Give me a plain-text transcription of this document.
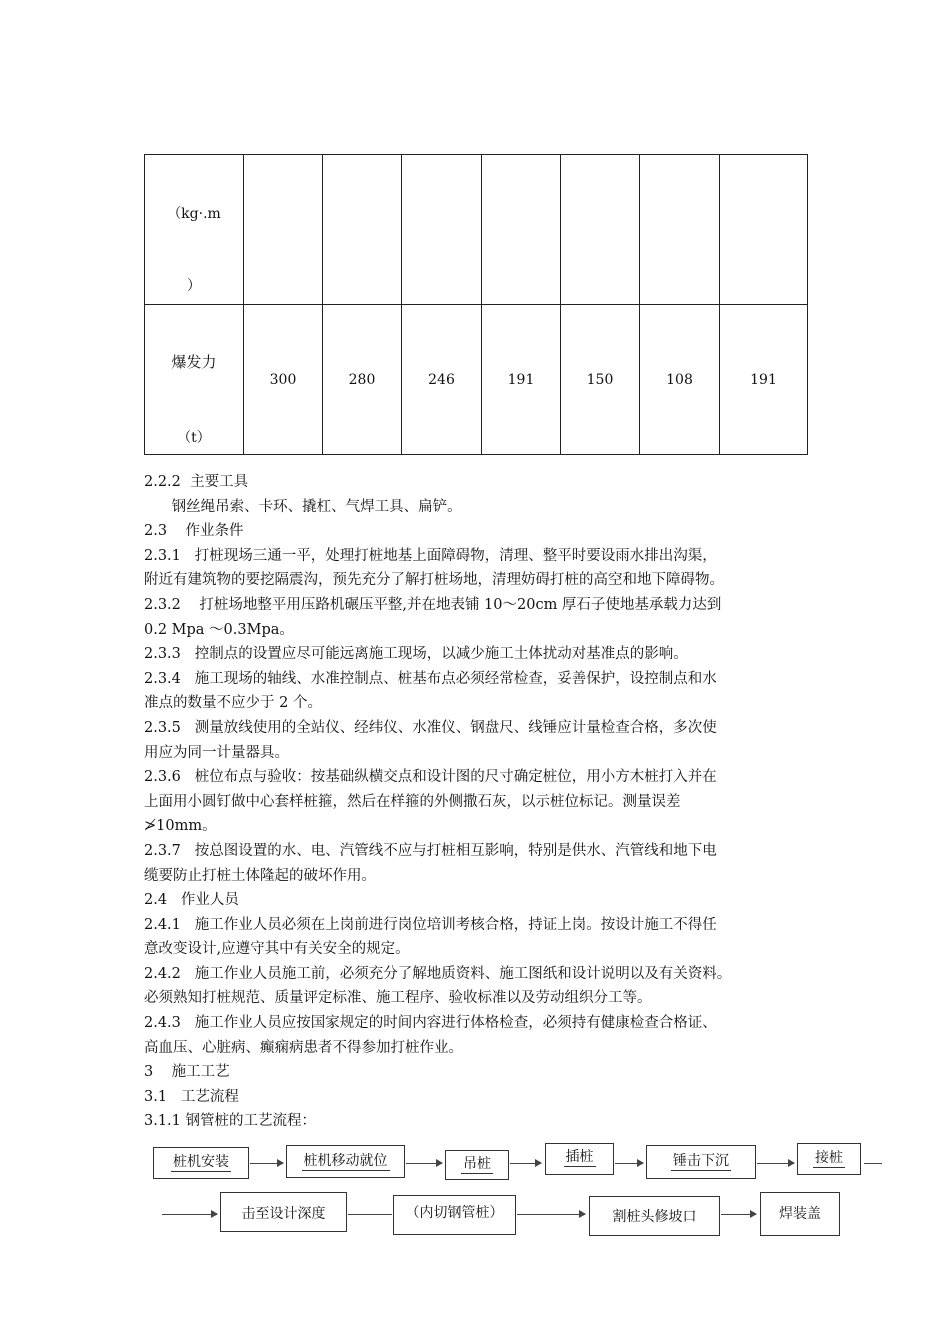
（kg·.m
）							

爆发力
（t）	300	280	246	191	150	108	191

2.2.2  主要工具

钢丝绳吊索、卡环、撬杠、气焊工具、扁铲。

2.3    作业条件

2.3.1   打桩现场三通一平，处理打桩地基上面障碍物，清理、整平时要设雨水排出沟渠，

附近有建筑物的要挖隔震沟，预先充分了解打桩场地，清理妨碍打桩的高空和地下障碍物。

2.3.2    打桩场地整平用压路机碾压平整,并在地表铺 10～20cm 厚石子使地基承载力达到

0.2 Mpa ～0.3Mpa。

2.3.3   控制点的设置应尽可能远离施工现场，以减少施工土体扰动对基准点的影响。

2.3.4   施工现场的轴线、水准控制点、桩基布点必须经常检查，妥善保护，设控制点和水

准点的数量不应少于 2 个。

2.3.5   测量放线使用的全站仪、经纬仪、水准仪、钢盘尺、线锤应计量检查合格，多次使

用应为同一计量器具。

2.3.6   桩位布点与验收：按基础纵横交点和设计图的尺寸确定桩位，用小方木桩打入并在

上面用小圆钉做中心套样桩箍，然后在样箍的外侧撒石灰，以示桩位标记。测量误差

≯10mm。

2.3.7   按总图设置的水、电、汽管线不应与打桩相互影响，特别是供水、汽管线和地下电

缆要防止打桩土体隆起的破坏作用。

2.4   作业人员

2.4.1   施工作业人员必须在上岗前进行岗位培训考核合格，持证上岗。按设计施工不得任

意改变设计,应遵守其中有关安全的规定。

2.4.2   施工作业人员施工前，必须充分了解地质资料、施工图纸和设计说明以及有关资料。

必须熟知打桩规范、质量评定标准、施工程序、验收标准以及劳动组织分工等。

2.4.3   施工作业人员应按国家规定的时间内容进行体格检查，必须持有健康检查合格证、

高血压、心脏病、癫痫病患者不得参加打桩作业。

3    施工工艺

3.1   工艺流程

3.1.1 钢管桩的工艺流程：

桩机安装	桩机移动就位	吊桩	插桩	锤击下沉	接桩
击至设计深度	（内切钢管桩）	割桩头修坡口	焊装盖
